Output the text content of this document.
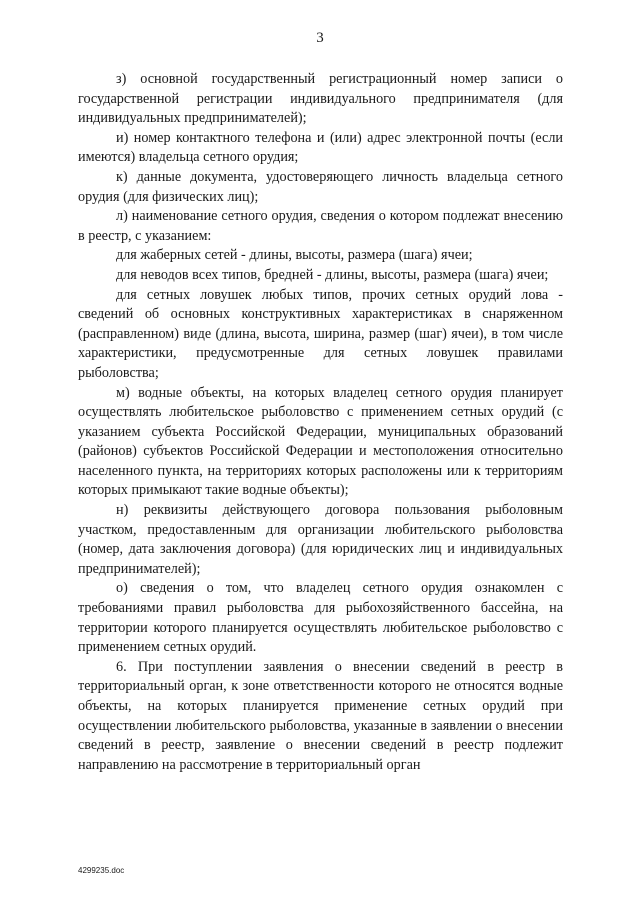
3

з) основной государственный регистрационный номер записи о государственной регистрации индивидуального предпринимателя (для индивидуальных предпринимателей);

и) номер контактного телефона и (или) адрес электронной почты (если имеются) владельца сетного орудия;

к) данные документа, удостоверяющего личность владельца сетного орудия (для физических лиц);

л) наименование сетного орудия, сведения о котором подлежат внесению в реестр, с указанием:

для жаберных сетей - длины, высоты, размера (шага) ячеи;

для неводов всех типов, бредней - длины, высоты, размера (шага) ячеи;

для сетных ловушек любых типов, прочих сетных орудий лова - сведений об основных конструктивных характеристиках в снаряженном (расправленном) виде (длина, высота, ширина, размер (шаг) ячеи), в том числе характеристики, предусмотренные для сетных ловушек правилами рыболовства;

м) водные объекты, на которых владелец сетного орудия планирует осуществлять любительское рыболовство с применением сетных орудий (с указанием субъекта Российской Федерации, муниципальных образований (районов) субъектов Российской Федерации и местоположения относительно населенного пункта, на территориях которых расположены или к территориям которых примыкают такие водные объекты);

н) реквизиты действующего договора пользования рыболовным участком, предоставленным для организации любительского рыболовства (номер, дата заключения договора) (для юридических лиц и индивидуальных предпринимателей);

о) сведения о том, что владелец сетного орудия ознакомлен с требованиями правил рыболовства для рыбохозяйственного бассейна, на территории которого планируется осуществлять любительское рыболовство с применением сетных орудий.

6. При поступлении заявления о внесении сведений в реестр в территориальный орган, к зоне ответственности которого не относятся водные объекты, на которых планируется применение сетных орудий при осуществлении любительского рыболовства, указанные в заявлении о внесении сведений в реестр, заявление о внесении сведений в реестр подлежит направлению на рассмотрение в территориальный орган

4299235.doc
